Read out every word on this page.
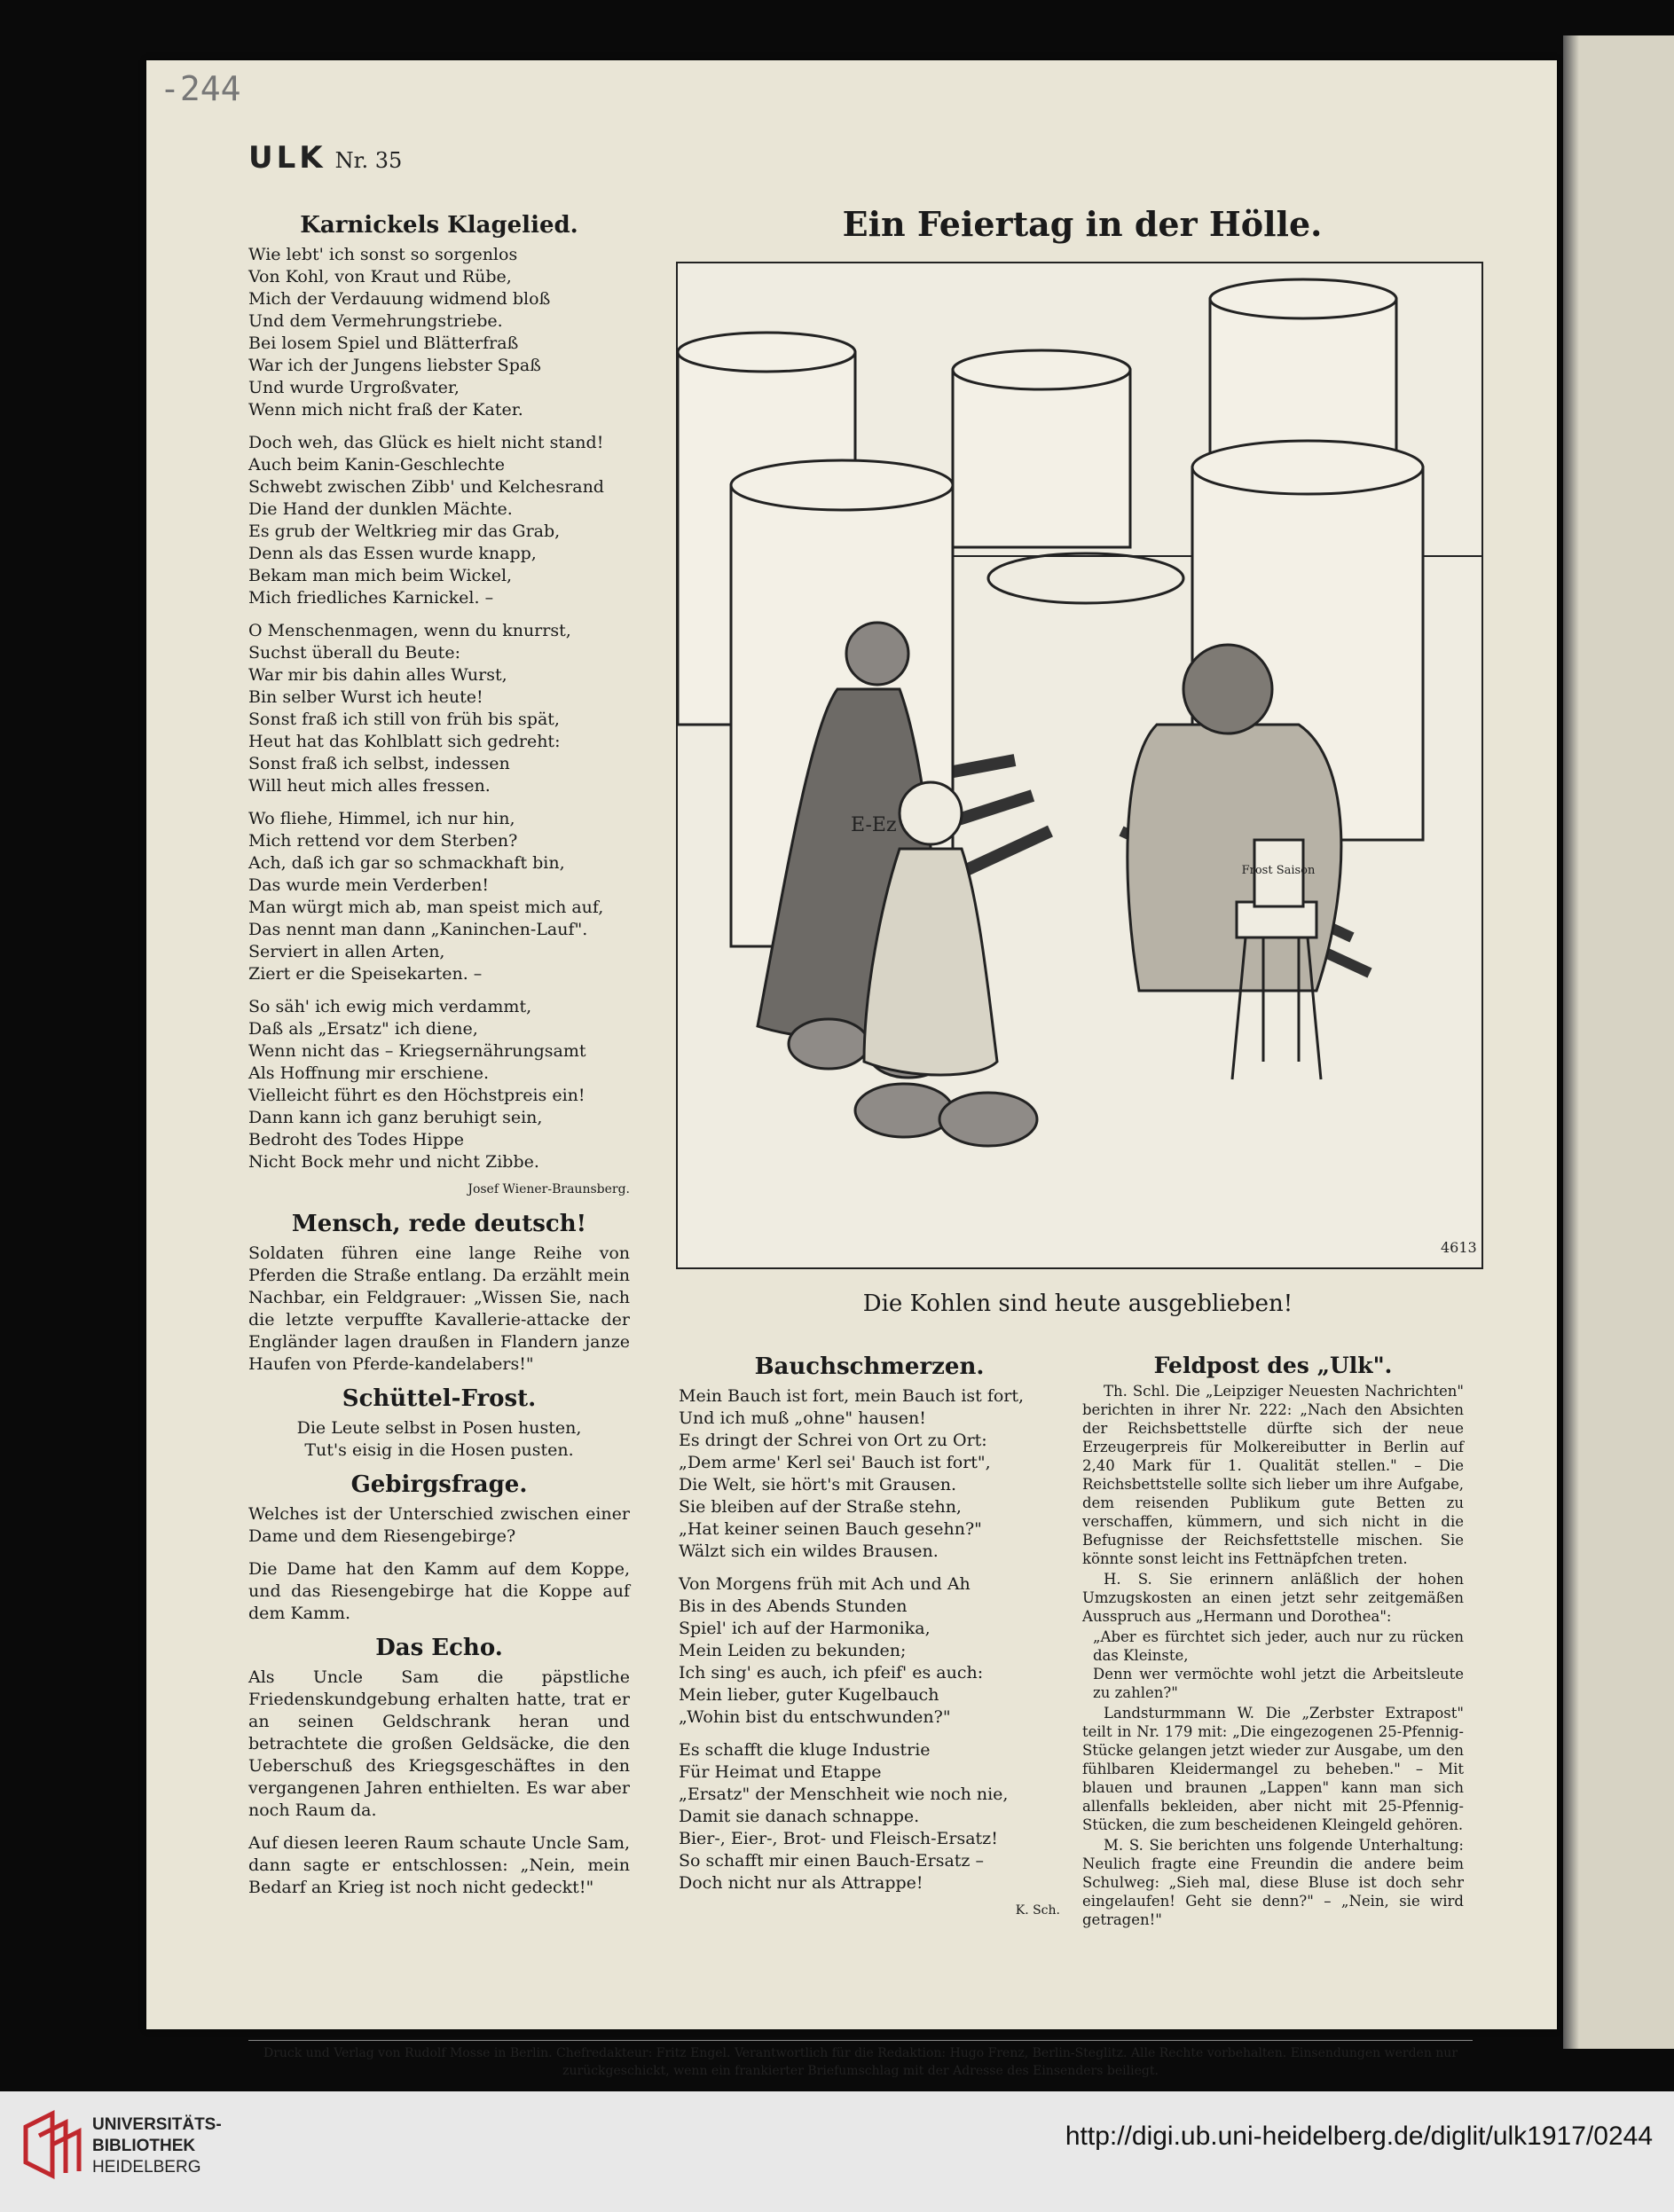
-244
ULK Nr. 35
Karnickels Klagelied.
Wie lebt' ich sonst so sorgenlos
Von Kohl, von Kraut und Rübe,
Mich der Verdauung widmend bloß
Und dem Vermehrungstriebe.
Bei losem Spiel und Blätterfraß
War ich der Jungens liebster Spaß
Und wurde Urgroßvater,
Wenn mich nicht fraß der Kater.
Doch weh, das Glück es hielt nicht stand!
Auch beim Kanin-Geschlechte
Schwebt zwischen Zibb' und Kelchesrand
Die Hand der dunklen Mächte.
Es grub der Weltkrieg mir das Grab,
Denn als das Essen wurde knapp,
Bekam man mich beim Wickel,
Mich friedliches Karnickel. –
O Menschenmagen, wenn du knurrst,
Suchst überall du Beute:
War mir bis dahin alles Wurst,
Bin selber Wurst ich heute!
Sonst fraß ich still von früh bis spät,
Heut hat das Kohlblatt sich gedreht:
Sonst fraß ich selbst, indessen
Will heut mich alles fressen.
Wo fliehe, Himmel, ich nur hin,
Mich rettend vor dem Sterben?
Ach, daß ich gar so schmackhaft bin,
Das wurde mein Verderben!
Man würgt mich ab, man speist mich auf,
Das nennt man dann „Kaninchen-Lauf".
Serviert in allen Arten,
Ziert er die Speisekarten. –
So säh' ich ewig mich verdammt,
Daß als „Ersatz" ich diene,
Wenn nicht das – Kriegsernährungsamt
Als Hoffnung mir erschiene.
Vielleicht führt es den Höchstpreis ein!
Dann kann ich ganz beruhigt sein,
Bedroht des Todes Hippe
Nicht Bock mehr und nicht Zibbe.
Josef Wiener-Braunsberg.
Mensch, rede deutsch!

Soldaten führen eine lange Reihe von Pferden die Straße entlang. Da erzählt mein Nachbar, ein Feldgrauer: „Wissen Sie, nach die letzte verpuffte Kavallerie-attacke der Engländer lagen draußen in Flandern janze Haufen von Pferde-kandelabers!"

Schüttel-Frost.
Die Leute selbst in Posen husten,
Tut's eisig in die Hosen pusten.
Gebirgsfrage.

Welches ist der Unterschied zwischen einer Dame und dem Riesengebirge?

Die Dame hat den Kamm auf dem Koppe, und das Riesengebirge hat die Koppe auf dem Kamm.

Das Echo.

Als Uncle Sam die päpstliche Friedenskundgebung erhalten hatte, trat er an seinen Geldschrank heran und betrachtete die großen Geldsäcke, die den Ueberschuß des Kriegsgeschäftes in den vergangenen Jahren enthielten. Es war aber noch Raum da.

Auf diesen leeren Raum schaute Uncle Sam, dann sagte er entschlossen: „Nein, mein Bedarf an Krieg ist noch nicht gedeckt!"

Ein Feiertag in der Hölle.
Frost Saison
E-Ez
4613
Die Kohlen sind heute ausgeblieben!
Bauchschmerzen.
Mein Bauch ist fort, mein Bauch ist fort,
Und ich muß „ohne" hausen!
Es dringt der Schrei von Ort zu Ort:
„Dem arme' Kerl sei' Bauch ist fort",
Die Welt, sie hört's mit Grausen.
Sie bleiben auf der Straße stehn,
„Hat keiner seinen Bauch gesehn?"
Wälzt sich ein wildes Brausen.
Von Morgens früh mit Ach und Ah
Bis in des Abends Stunden
Spiel' ich auf der Harmonika,
Mein Leiden zu bekunden;
Ich sing' es auch, ich pfeif' es auch:
Mein lieber, guter Kugelbauch
„Wohin bist du entschwunden?"
Es schafft die kluge Industrie
Für Heimat und Etappe
„Ersatz" der Menschheit wie noch nie,
Damit sie danach schnappe.
Bier-, Eier-, Brot- und Fleisch-Ersatz!
So schafft mir einen Bauch-Ersatz –
Doch nicht nur als Attrappe!
K. Sch.
Feldpost des „Ulk".

Th. Schl. Die „Leipziger Neuesten Nachrichten" berichten in ihrer Nr. 222: „Nach den Absichten der Reichsbettstelle dürfte sich der neue Erzeugerpreis für Molkereibutter in Berlin auf 2,40 Mark für 1. Qualität stellen." – Die Reichsbettstelle sollte sich lieber um ihre Aufgabe, dem reisenden Publikum gute Betten zu verschaffen, kümmern, und sich nicht in die Befugnisse der Reichsfettstelle mischen. Sie könnte sonst leicht ins Fettnäpfchen treten.

H. S. Sie erinnern anläßlich der hohen Umzugskosten an einen jetzt sehr zeitgemäßen Ausspruch aus „Hermann und Dorothea":

„Aber es fürchtet sich jeder, auch nur zu rücken das Kleinste,
Denn wer vermöchte wohl jetzt die Arbeitsleute zu zahlen?"

Landsturmmann W. Die „Zerbster Extrapost" teilt in Nr. 179 mit: „Die eingezogenen 25-Pfennig-Stücke gelangen jetzt wieder zur Ausgabe, um den fühlbaren Kleidermangel zu beheben." – Mit blauen und braunen „Lappen" kann man sich allenfalls bekleiden, aber nicht mit 25-Pfennig-Stücken, die zum bescheidenen Kleingeld gehören.

M. S. Sie berichten uns folgende Unterhaltung: Neulich fragte eine Freundin die andere beim Schulweg: „Sieh mal, diese Bluse ist doch sehr eingelaufen! Geht sie denn?" – „Nein, sie wird getragen!"

Druck und Verlag von Rudolf Mosse in Berlin. Chefredakteur: Fritz Engel. Verantwortlich für die Redaktion: Hugo Frenz, Berlin-Steglitz. Alle Rechte vorbehalten. Einsendungen werden nur zurückgeschickt, wenn ein frankierter Briefumschlag mit der Adresse des Einsenders beiliegt.
UNIVERSITÄTS-
BIBLIOTHEK
HEIDELBERG
http://digi.ub.uni-heidelberg.de/diglit/ulk1917/0244
